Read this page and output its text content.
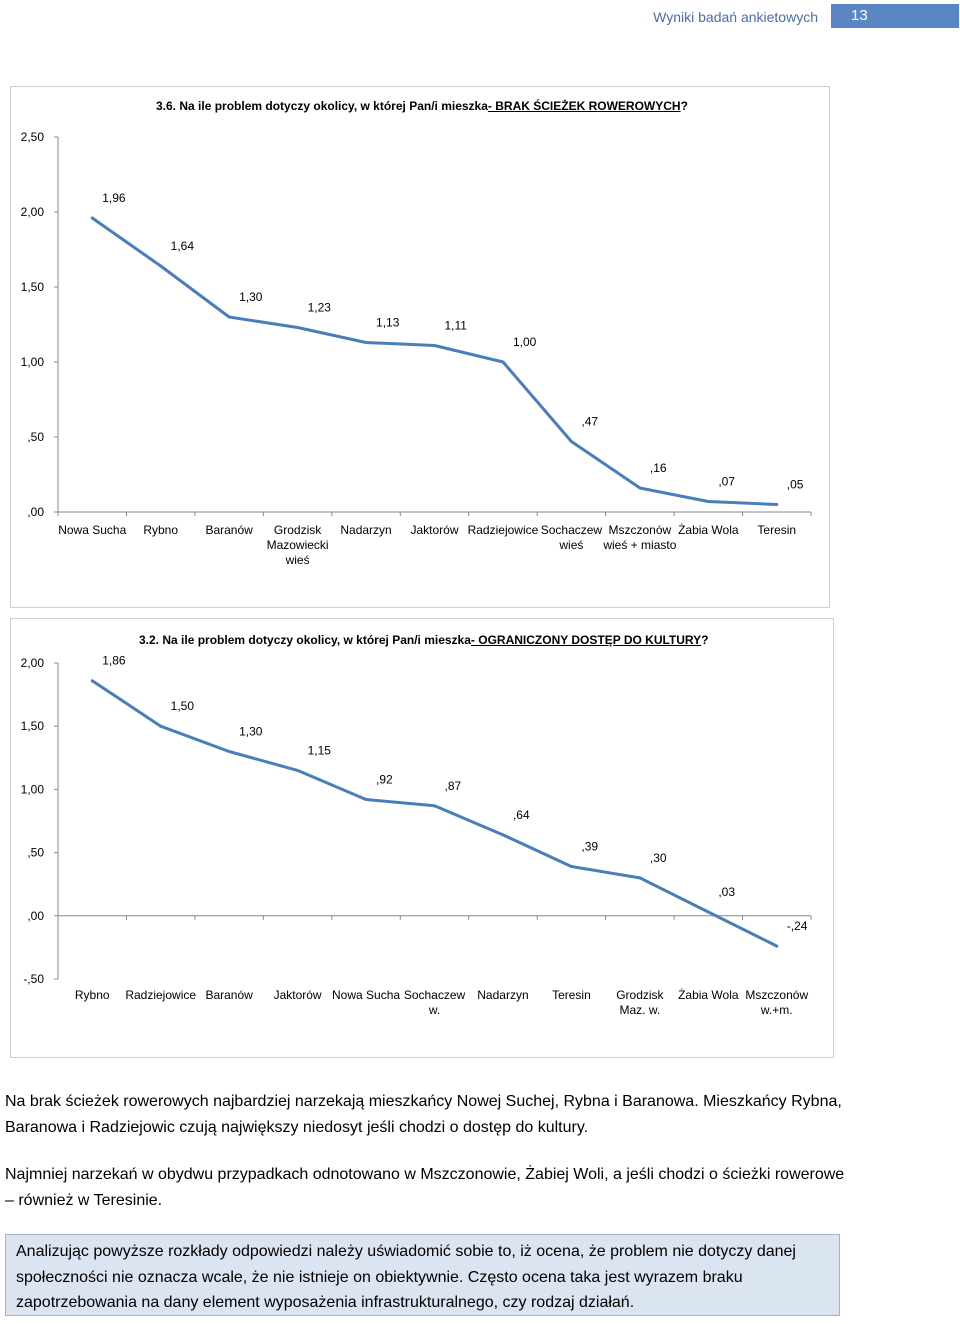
Wyniki badań ankietowych	13
3.6. Na ile problem dotyczy okolicy, w której Pan/i mieszka- BRAK ŚCIEŻEK ROWEROWYCH?
,00
,50
1,00
1,50
2,00
2,50
1,96
1,64
1,30
1,23
1,13	1,11
1,00
,47
,16
,07	,05
Nowa Sucha Rybno Baranów	Grodzisk Mazowiecki wieś
Nadarzyn Jaktorów Radziejowice Sochaczew wieś
Mszczonów wieś + miasto
Żabia Wola Teresin
3.2. Na ile problem dotyczy okolicy, w której Pan/i mieszka- OGRANICZONY DOSTĘP DO KULTURY?
-,50
,00
,50
1,00
1,50
2,00	1,86
1,50
1,30
1,15
,92	,87
,64
,39
,30
,03
-,24
Rybno Radziejowice Baranów Jaktorów Nowa Sucha Sochaczew w.
Nadarzyn Teresin Grodzisk Maz. w.
Żabia Wola Mszczonów w.+m.
Na brak ścieżek rowerowych najbardziej narzekają mieszkańcy Nowej Suchej, Rybna i Baranowa. Mieszkańcy Rybna, Baranowa i Radziejowic czują największy niedosyt jeśli chodzi o dostęp do kultury.
Najmniej narzekań w obydwu przypadkach odnotowano w Mszczonowie, Żabiej Woli, a jeśli chodzi o ścieżki rowerowe – również w Teresinie.
Analizując powyższe rozkłady odpowiedzi należy uświadomić sobie to, iż ocena, że problem nie dotyczy danej społeczności nie oznacza wcale, że nie istnieje on obiektywnie. Często ocena taka jest wyrazem braku zapotrzebowania na dany element wyposażenia infrastrukturalnego, czy rodzaj działań.
